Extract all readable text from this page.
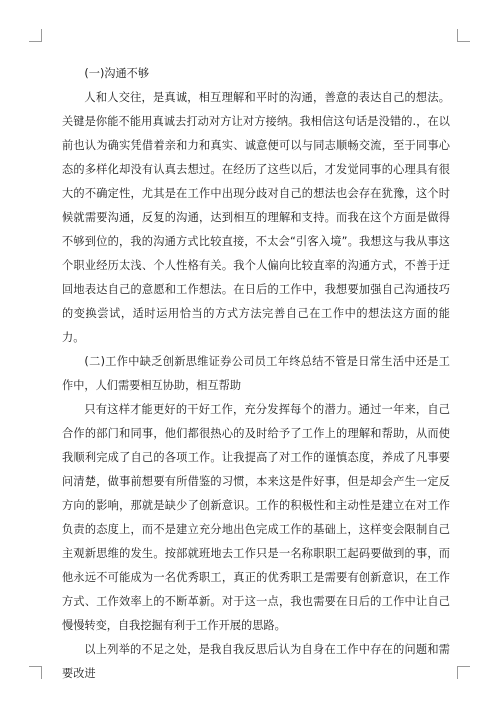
(一)沟通不够

人和人交往，是真诚，相互理解和平时的沟通，善意的表达自己的想法。关键是你能不能用真诚去打动对方让对方接纳。我相信这句话是没错的.，在以前也认为确实凭借着亲和力和真实、诚意便可以与同志顺畅交流，至于同事心态的多样化却没有认真去想过。在经历了这些以后，才发觉同事的心理具有很大的不确定性，尤其是在工作中出现分歧对自己的想法也会存在犹豫，这个时候就需要沟通，反复的沟通，达到相互的理解和支持。而我在这个方面是做得不够到位的，我的沟通方式比较直接，不太会“引客入境”。我想这与我从事这个职业经历太浅、个人性格有关。我个人偏向比较直率的沟通方式，不善于迂回地表达自己的意愿和工作想法。在日后的工作中，我想要加强自己沟通技巧的变换尝试，适时运用恰当的方式方法完善自己在工作中的想法这方面的能力。

(二)工作中缺乏创新思维证券公司员工年终总结不管是日常生活中还是工作中，人们需要相互协助，相互帮助

只有这样才能更好的干好工作，充分发挥每个的潜力。通过一年来，自己合作的部门和同事，他们都很热心的及时给予了工作上的理解和帮助，从而使我顺利完成了自己的各项工作。让我提高了对工作的谨慎态度，养成了凡事要问清楚，做事前想要有所借鉴的习惯，本来这是件好事，但是却会产生一定反方向的影响，那就是缺少了创新意识。工作的积极性和主动性是建立在对工作负责的态度上，而不是建立充分地出色完成工作的基础上，这样变会限制自己主观新思维的发生。按部就班地去工作只是一名称职职工起码要做到的事，而他永远不可能成为一名优秀职工，真正的优秀职工是需要有创新意识，在工作方式、工作效率上的不断革新。对于这一点，我也需要在日后的工作中让自己慢慢转变，自我挖掘有利于工作开展的思路。

以上列举的不足之处，是我自我反思后认为自身在工作中存在的问题和需要改进
